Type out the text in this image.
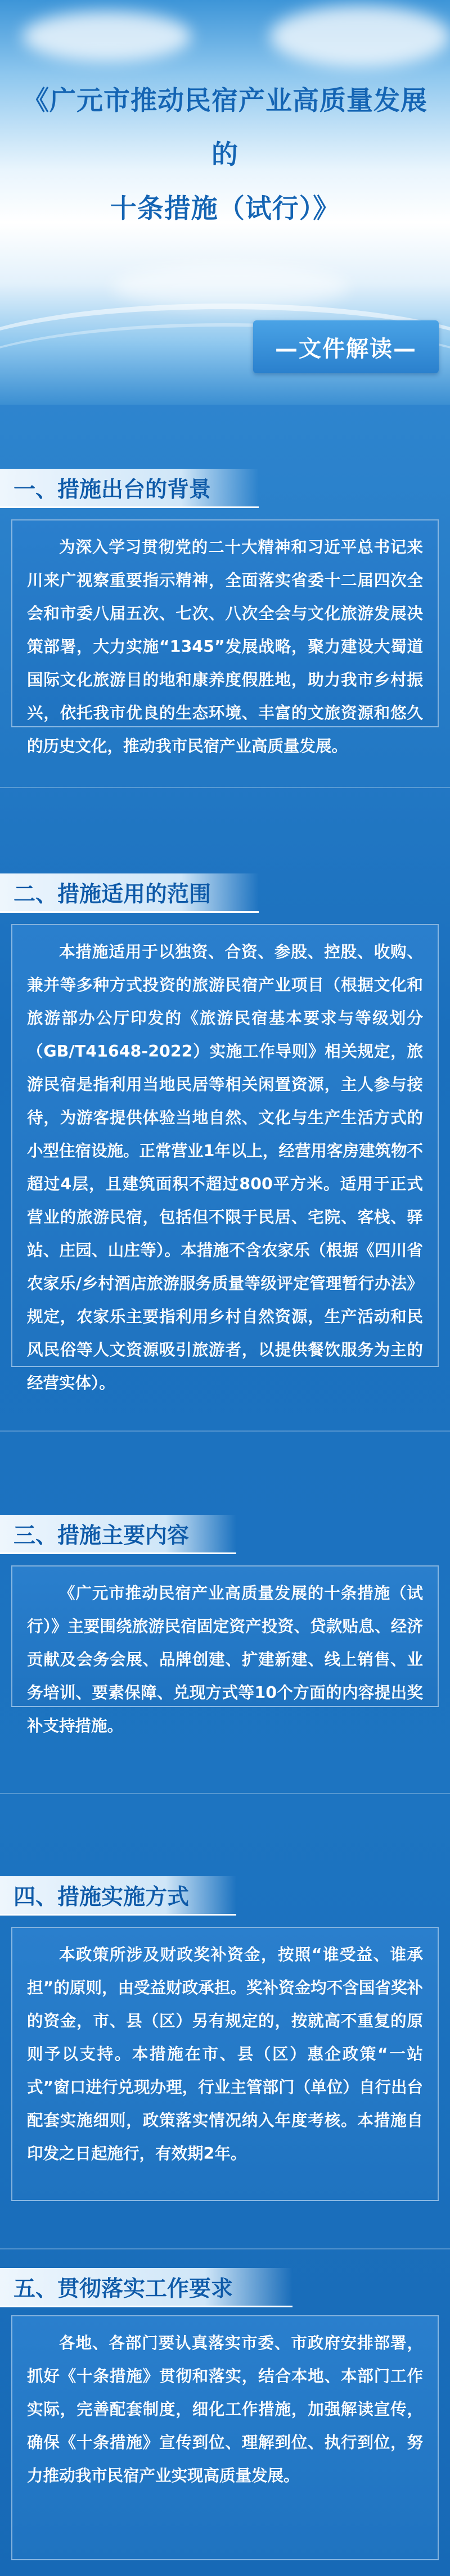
《广元市推动民宿产业高质量发展的
十条措施（试行）》
—文件解读—
一、措施出台的背景

为深入学习贯彻党的二十大精神和习近平总书记来川来广视察重要指示精神，全面落实省委十二届四次全会和市委八届五次、七次、八次全会与文化旅游发展决策部署，大力实施“1345”发展战略，聚力建设大蜀道国际文化旅游目的地和康养度假胜地，助力我市乡村振兴，依托我市优良的生态环境、丰富的文旅资源和悠久的历史文化，推动我市民宿产业高质量发展。

二、措施适用的范围

本措施适用于以独资、合资、参股、控股、收购、兼并等多种方式投资的旅游民宿产业项目（根据文化和旅游部办公厅印发的《旅游民宿基本要求与等级划分（GB/T41648-2022）实施工作导则》相关规定，旅游民宿是指利用当地民居等相关闲置资源，主人参与接待，为游客提供体验当地自然、文化与生产生活方式的小型住宿设施。正常营业1年以上，经营用客房建筑物不超过4层，且建筑面积不超过800平方米。适用于正式营业的旅游民宿，包括但不限于民居、宅院、客栈、驿站、庄园、山庄等）。本措施不含农家乐（根据《四川省农家乐/乡村酒店旅游服务质量等级评定管理暂行办法》规定，农家乐主要指利用乡村自然资源，生产活动和民风民俗等人文资源吸引旅游者，以提供餐饮服务为主的经营实体）。

三、措施主要内容

《广元市推动民宿产业高质量发展的十条措施（试行）》主要围绕旅游民宿固定资产投资、贷款贴息、经济贡献及会务会展、品牌创建、扩建新建、线上销售、业务培训、要素保障、兑现方式等10个方面的内容提出奖补支持措施。

四、措施实施方式

本政策所涉及财政奖补资金，按照“谁受益、谁承担”的原则，由受益财政承担。奖补资金均不含国省奖补的资金，市、县（区）另有规定的，按就高不重复的原则予以支持。本措施在市、县（区）惠企政策“一站式”窗口进行兑现办理，行业主管部门（单位）自行出台配套实施细则，政策落实情况纳入年度考核。本措施自印发之日起施行，有效期2年。

五、贯彻落实工作要求

各地、各部门要认真落实市委、市政府安排部署，抓好《十条措施》贯彻和落实，结合本地、本部门工作实际，完善配套制度，细化工作措施，加强解读宣传，确保《十条措施》宣传到位、理解到位、执行到位，努力推动我市民宿产业实现高质量发展。
